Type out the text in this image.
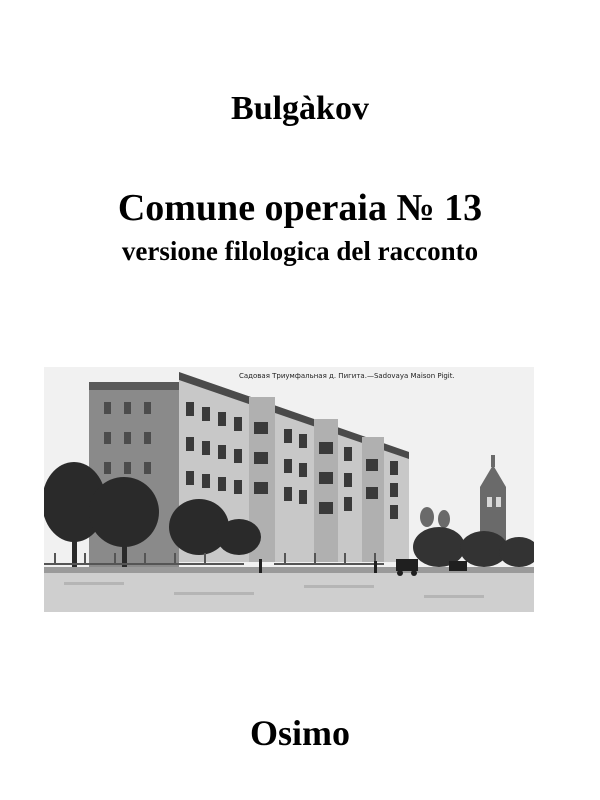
Bulgàkov
Comune operaia № 13
versione filologica del racconto
Садовая Триумфальная д. Пигита.—Sadovaya Maison Pigit.
Osimo
